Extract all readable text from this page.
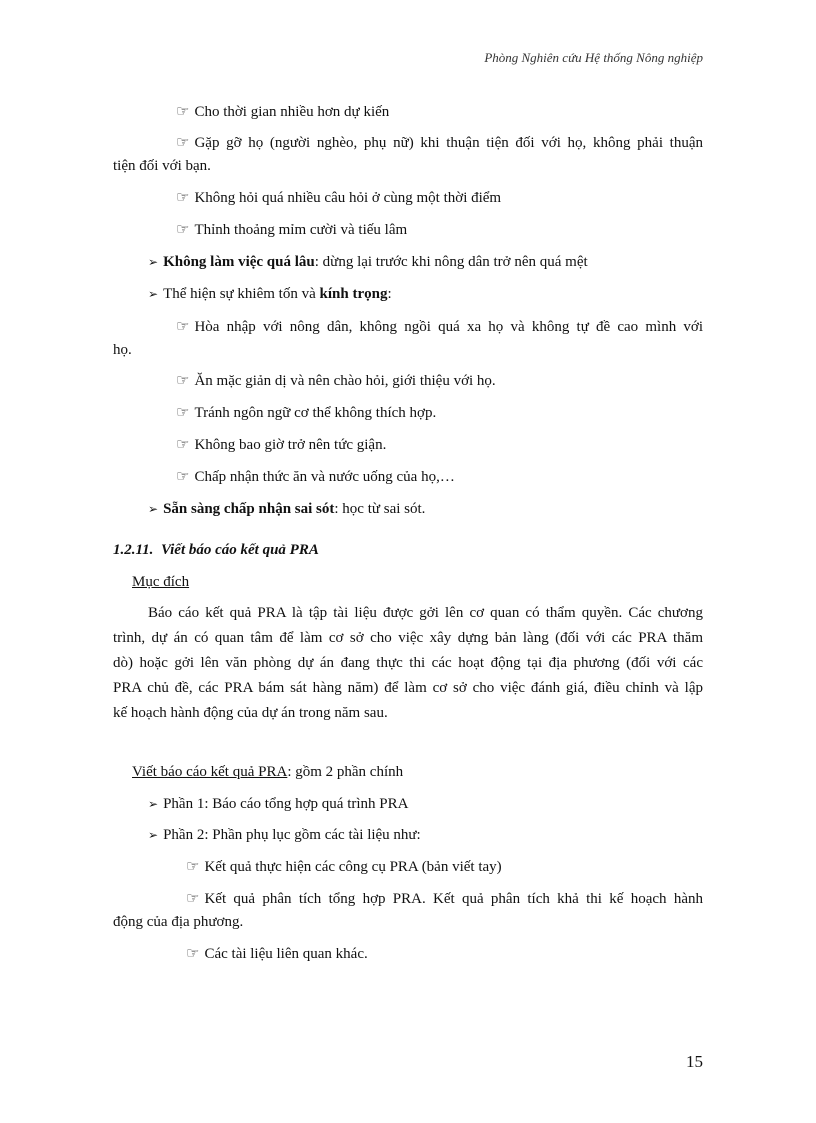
Phòng Nghiên cứu Hệ thống Nông nghiệp
☞ Cho thời gian nhiều hơn dự kiến
☞ Gặp gỡ họ (người nghèo, phụ nữ) khi thuận tiện đối với họ, không phải thuận
tiện đối với bạn.
☞ Không hỏi quá nhiều câu hỏi ở cùng một thời điểm
☞ Thỉnh thoảng mỉm cười và tiếu lâm
➢ Không làm việc quá lâu: dừng lại trước khi nông dân trở nên quá mệt
➢ Thể hiện sự khiêm tốn và kính trọng:
☞ Hòa nhập với nông dân, không ngồi quá xa họ và không tự đề cao mình với
họ.
☞ Ăn mặc giản dị và nên chào hỏi, giới thiệu với họ.
☞ Tránh ngôn ngữ cơ thể không thích hợp.
☞ Không bao giờ trở nên tức giận.
☞ Chấp nhận thức ăn và nước uống của họ,…
➢ Sẵn sàng chấp nhận sai sót: học từ sai sót.
1.2.11. Viết báo cáo kết quả PRA
Mục đích
Báo cáo kết quả PRA là tập tài liệu được gởi lên cơ quan có thẩm quyền. Các chương
trình, dự án có quan tâm để làm cơ sở cho việc xây dựng bản làng (đối với các PRA thăm
dò) hoặc gởi lên văn phòng dự án đang thực thi các hoạt động tại địa phương (đối với các
PRA chủ đề, các PRA bám sát hàng năm) để làm cơ sở cho việc đánh giá, điều chỉnh và lập
kế hoạch hành động của dự án trong năm sau.
Viết báo cáo kết quả PRA: gồm 2 phần chính
➢ Phần 1: Báo cáo tổng hợp quá trình PRA
➢ Phần 2: Phần phụ lục gồm các tài liệu như:
☞ Kết quả thực hiện các công cụ PRA (bản viết tay)
☞ Kết quả phân tích tổng hợp PRA. Kết quả phân tích khả thi kế hoạch hành
động của địa phương.
☞ Các tài liệu liên quan khác.
15
